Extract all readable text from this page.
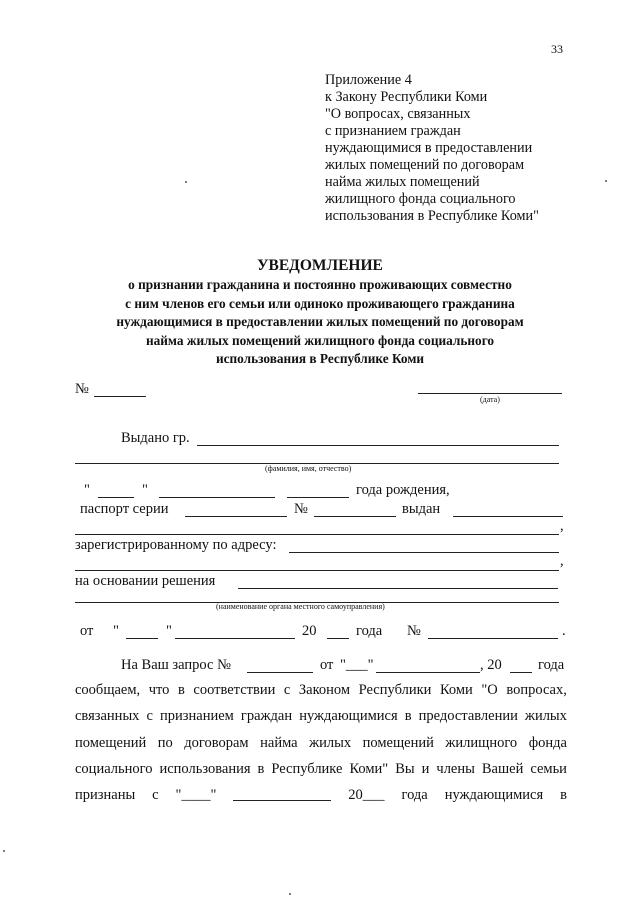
33
Приложение 4
к Закону Республики Коми
"О вопросах, связанных
с признанием граждан
нуждающимися в предоставлении
жилых помещений по договорам
найма жилых помещений
жилищного фонда социального
использования в Республике Коми"
УВЕДОМЛЕНИЕ
о признании гражданина и постоянно проживающих совместно
с ним членов его семьи или одиноко проживающего гражданина
нуждающимися в предоставлении жилых помещений по договорам
найма жилых помещений жилищного фонда социального
использования в Республике Коми
№
(дата)
Выдано гр.
(фамилия, имя, отчество)
"	"	года рождения,
паспорт серии	№	выдан
,
зарегистрированному по адресу:
,
на основании решения
(наименование органа местного самоуправления)
от "	"	20	года №	.
На Ваш запрос №	от "___"	, 20	года
сообщаем, что в соответствии с Законом Республики Коми "О вопросах,
связанных с признанием граждан нуждающимися в предоставлении жилых
помещений по договорам найма жилых помещений жилищного фонда
социального использования в Республике Коми" Вы и члены Вашей семьи
признаны с "____"	20___ года нуждающимися в
